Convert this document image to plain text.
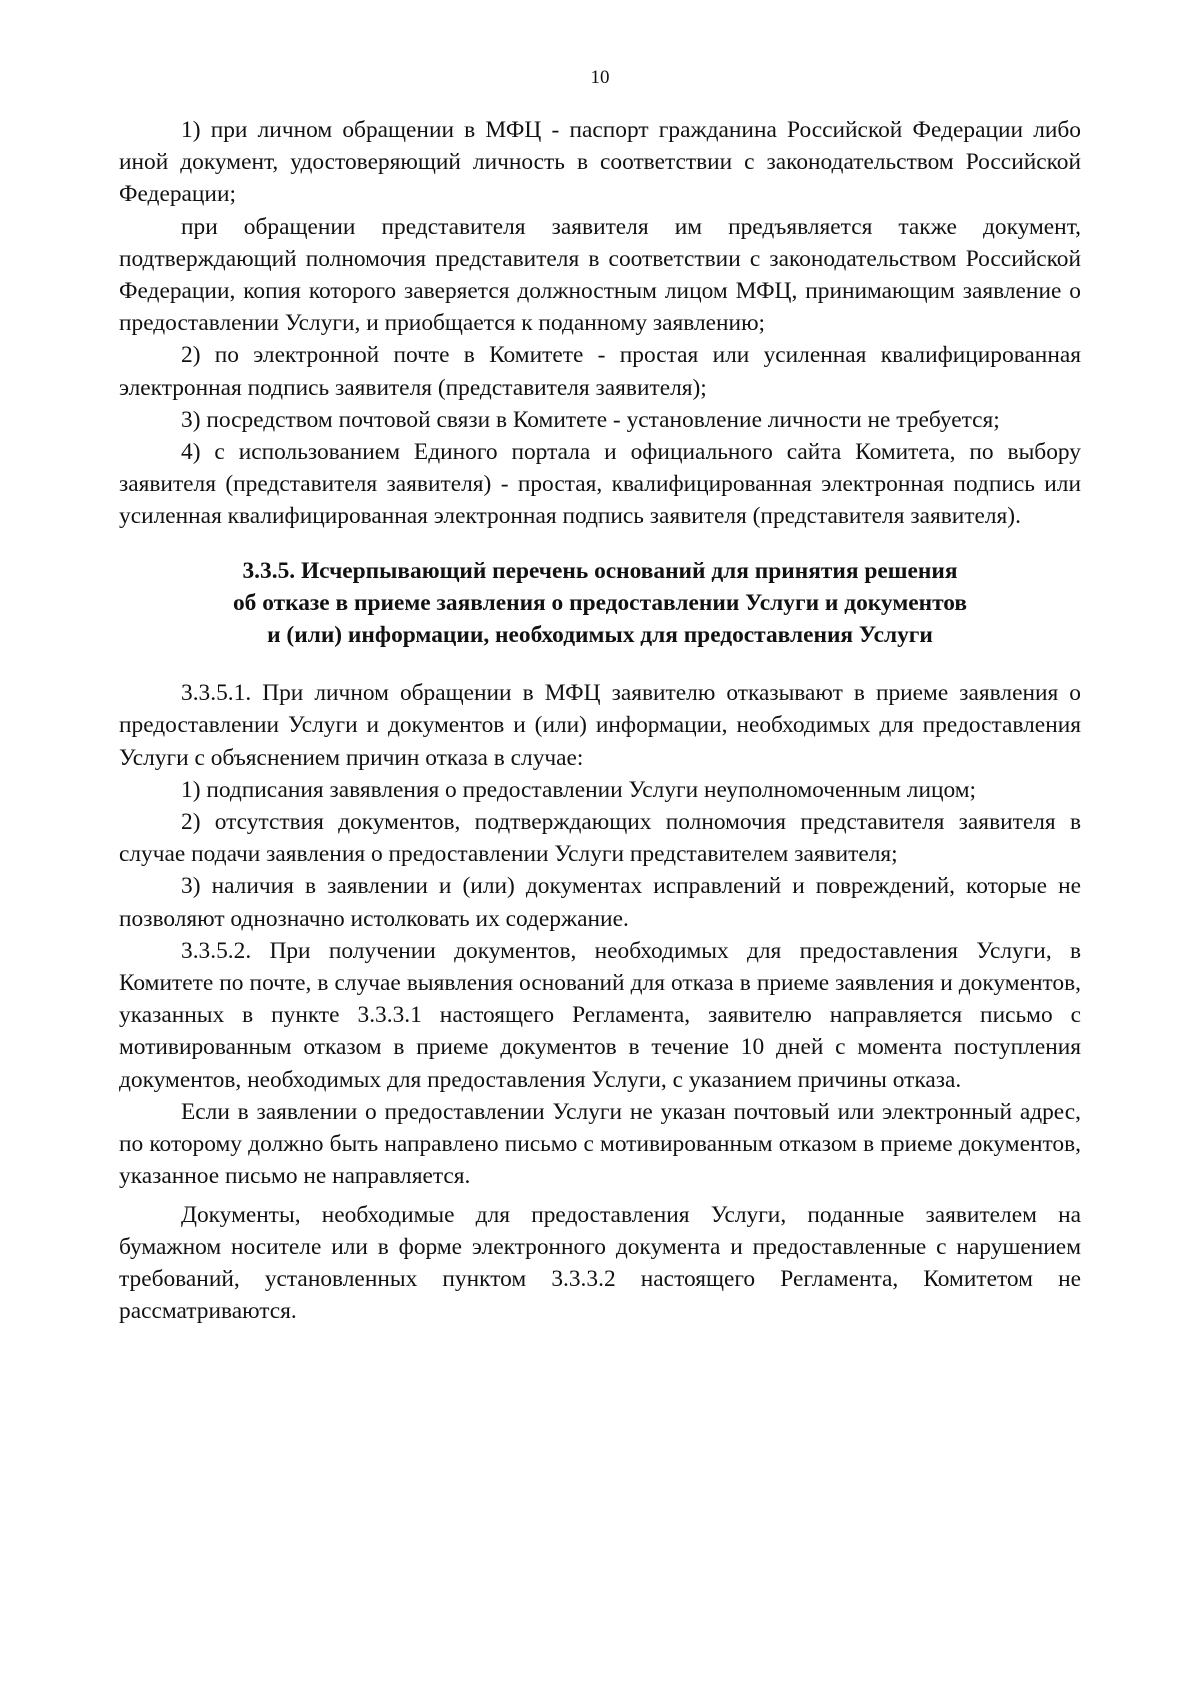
10

1) при личном обращении в МФЦ - паспорт гражданина Российской Федерации либо иной документ, удостоверяющий личность в соответствии с законодательством Российской Федерации;

при обращении представителя заявителя им предъявляется также документ, подтверждающий полномочия представителя в соответствии с законодательством Российской Федерации, копия которого заверяется должностным лицом МФЦ, принимающим заявление о предоставлении Услуги, и приобщается к поданному заявлению;

2) по электронной почте в Комитете - простая или усиленная квалифицированная электронная подпись заявителя (представителя заявителя);

3) посредством почтовой связи в Комитете - установление личности не требуется;

4) с использованием Единого портала и официального сайта Комитета, по выбору заявителя (представителя заявителя) - простая, квалифицированная электронная подпись или усиленная квалифицированная электронная подпись заявителя (представителя заявителя).

3.3.5. Исчерпывающий перечень оснований для принятия решения
об отказе в приеме заявления о предоставлении Услуги и документов
и (или) информации, необходимых для предоставления Услуги

3.3.5.1. При личном обращении в МФЦ заявителю отказывают в приеме заявления о предоставлении Услуги и документов и (или) информации, необходимых для предоставления Услуги с объяснением причин отказа в случае:

1) подписания завявления о предоставлении Услуги неуполномоченным лицом;

2) отсутствия документов, подтверждающих полномочия представителя заявителя в случае подачи заявления о предоставлении Услуги представителем заявителя;

3) наличия в заявлении и (или) документах исправлений и повреждений, которые не позволяют однозначно истолковать их содержание.

3.3.5.2. При получении документов, необходимых для предоставления Услуги, в Комитете по почте, в случае выявления оснований для отказа в приеме заявления и документов, указанных в пункте 3.3.3.1 настоящего Регламента, заявителю направляется письмо с мотивированным отказом в приеме документов в течение 10 дней с момента поступления документов, необходимых для предоставления Услуги, с указанием причины отказа.

Если в заявлении о предоставлении Услуги не указан почтовый или электронный адрес, по которому должно быть направлено письмо с мотивированным отказом в приеме документов, указанное письмо не направляется.

Документы, необходимые для предоставления Услуги, поданные заявителем на бумажном носителе или в форме электронного документа и предоставленные с нарушением требований, установленных пунктом 3.3.3.2 настоящего Регламента, Комитетом не рассматриваются.
